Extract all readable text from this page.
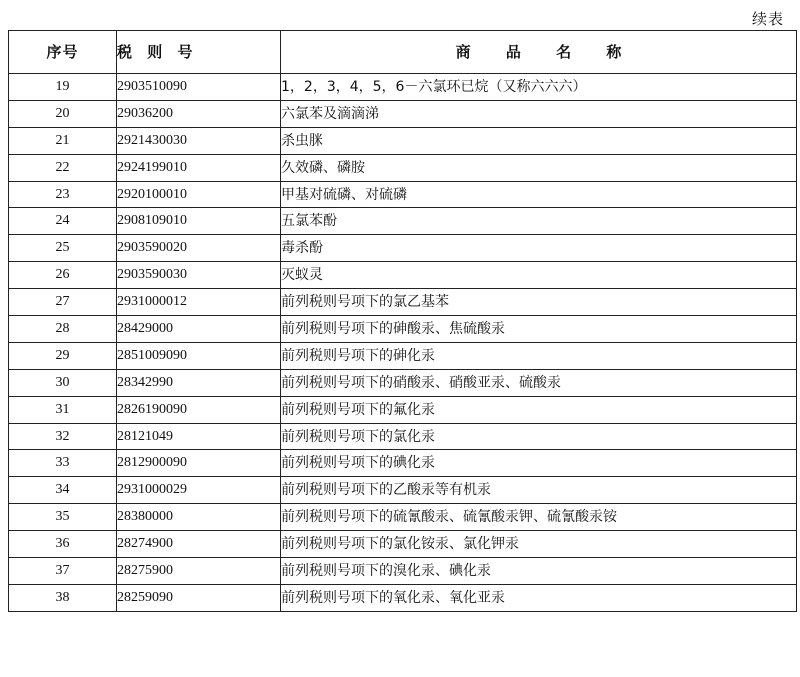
续表
序号	税 则 号	商 品 名 称
19	2903510090	1，2，3，4，5，6－六氯环已烷（又称六六六）
20	29036200	六氯苯及滴滴涕
21	2921430030	杀虫脒
22	2924199010	久效磷、磷胺
23	2920100010	甲基对硫磷、对硫磷
24	2908109010	五氯苯酚
25	2903590020	毒杀酚
26	2903590030	灭蚁灵
27	2931000012	前列税则号项下的氯乙基苯
28	28429000	前列税则号项下的砷酸汞、焦硫酸汞
29	2851009090	前列税则号项下的砷化汞
30	28342990	前列税则号项下的硝酸汞、硝酸亚汞、硫酸汞
31	2826190090	前列税则号项下的氟化汞
32	28121049	前列税则号项下的氯化汞
33	2812900090	前列税则号项下的碘化汞
34	2931000029	前列税则号项下的乙酸汞等有机汞
35	28380000	前列税则号项下的硫氰酸汞、硫氰酸汞钾、硫氰酸汞铵
36	28274900	前列税则号项下的氯化铵汞、氯化钾汞
37	28275900	前列税则号项下的溴化汞、碘化汞
38	28259090	前列税则号项下的氧化汞、氧化亚汞
